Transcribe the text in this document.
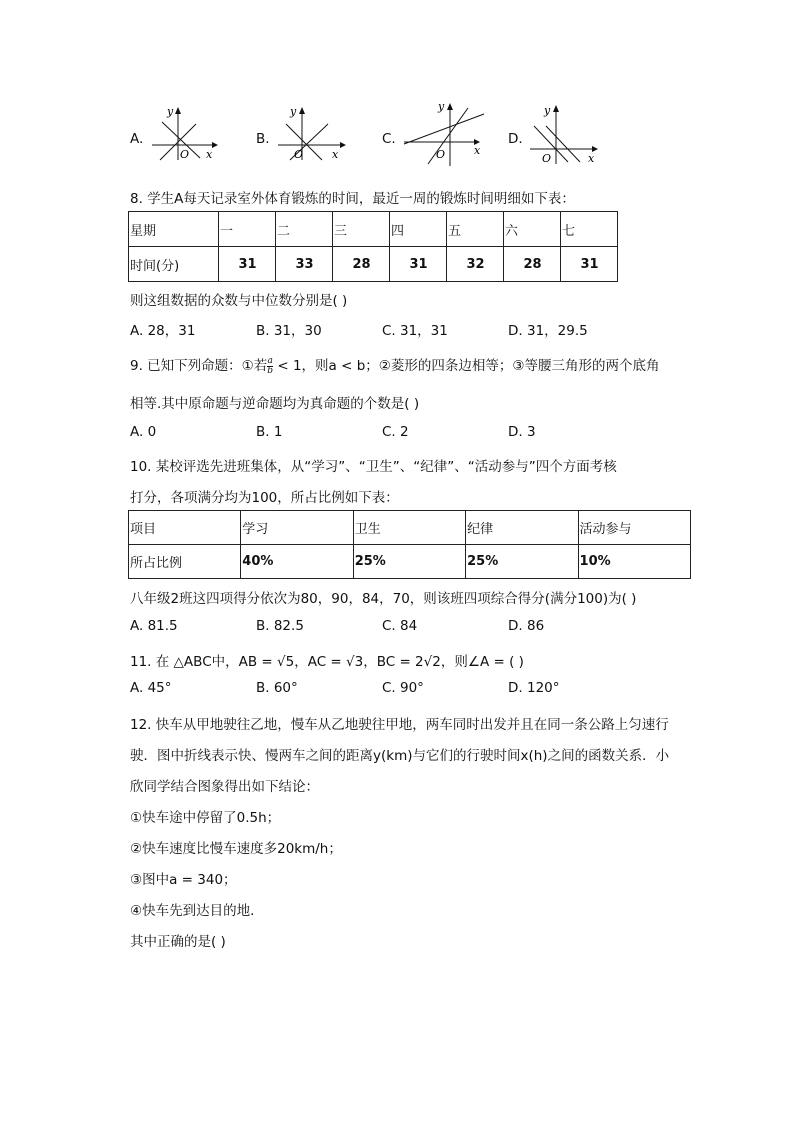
A.
y
O x
B.
y
O	x
C.
y
O	x
D.
y
O	x
8. 学生A每天记录室外体育锻炼的时间，最近一周的锻炼时间明细如下表：
星期	一	二	三	四	五	六	七
时间(分)	31	33	28	31	32	28	31
则这组数据的众数与中位数分别是( )
A. 28，31	B. 31，30	C. 31，31	D. 31，29.5
9. 已知下列命题：①若 $\frac{a}{b} < 1$，则a < b；②菱形的四条边相等；③等腰三角形的两个底角
相等.其中原命题与逆命题均为真命题的个数是( )
A. 0	B. 1	C. 2	D. 3
10. 某校评选先进班集体，从“学习”、“卫生”、“纪律”、“活动参与”四个方面考核
打分，各项满分均为100，所占比例如下表：
项目	学习	卫生	纪律	活动参与
所占比例	40%	25%	25%	10%
八年级2班这四项得分依次为80，90，84，70，则该班四项综合得分(满分100)为( )
A. 81.5	B. 82.5	C. 84	D. 86
11. 在 △ABC中，AB = √5，AC = √3，BC = 2√2，则∠A = ( )
A. 45°	B. 60°	C. 90°	D. 120°
12. 快车从甲地驶往乙地，慢车从乙地驶往甲地，两车同时出发并且在同一条公路上匀速行
驶．图中折线表示快、慢两车之间的距离y(km)与它们的行驶时间x(h)之间的函数关系．小
欣同学结合图象得出如下结论：
①快车途中停留了0.5h；
②快车速度比慢车速度多20km/h；
③图中a = 340；
④快车先到达目的地．
其中正确的是( )
